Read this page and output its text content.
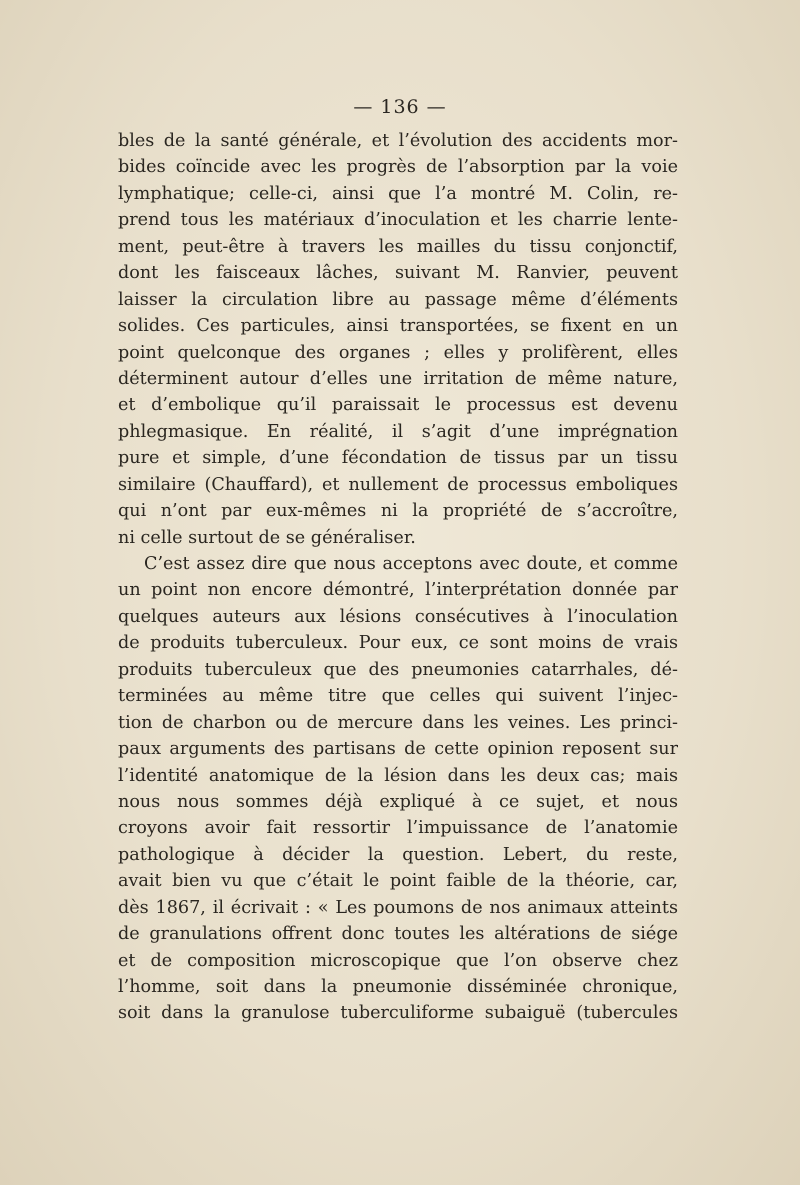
— 136 —
bles de la santé générale, et l’évolution des accidents mor-
bides coïncide avec les progrès de l’absorption par la voie
lymphatique; celle-ci, ainsi que l’a montré M. Colin, re-
prend tous les matériaux d’inoculation et les charrie lente-
ment, peut-être à travers les mailles du tissu conjonctif,
dont les faisceaux lâches, suivant M. Ranvier, peuvent
laisser la circulation libre au passage même d’éléments
solides. Ces particules, ainsi transportées, se fixent en un
point quelconque des organes ; elles y prolifèrent, elles
déterminent autour d’elles une irritation de même nature,
et d’embolique qu’il paraissait le processus est devenu
phlegmasique. En réalité, il s’agit d’une imprégnation
pure et simple, d’une fécondation de tissus par un tissu
similaire (Chauffard), et nullement de processus emboliques
qui n’ont par eux-mêmes ni la propriété de s’accroître,
ni celle surtout de se généraliser.
C’est assez dire que nous acceptons avec doute, et comme
un point non encore démontré, l’interprétation donnée par
quelques auteurs aux lésions consécutives à l’inoculation
de produits tuberculeux. Pour eux, ce sont moins de vrais
produits tuberculeux que des pneumonies catarrhales, dé-
terminées au même titre que celles qui suivent l’injec-
tion de charbon ou de mercure dans les veines. Les princi-
paux arguments des partisans de cette opinion reposent sur
l’identité anatomique de la lésion dans les deux cas; mais
nous nous sommes déjà expliqué à ce sujet, et nous
croyons avoir fait ressortir l’impuissance de l’anatomie
pathologique à décider la question. Lebert, du reste,
avait bien vu que c’était le point faible de la théorie, car,
dès 1867, il écrivait : « Les poumons de nos animaux atteints
de granulations offrent donc toutes les altérations de siége
et de composition microscopique que l’on observe chez
l’homme, soit dans la pneumonie disséminée chronique,
soit dans la granulose tuberculiforme subaiguë (tubercules
